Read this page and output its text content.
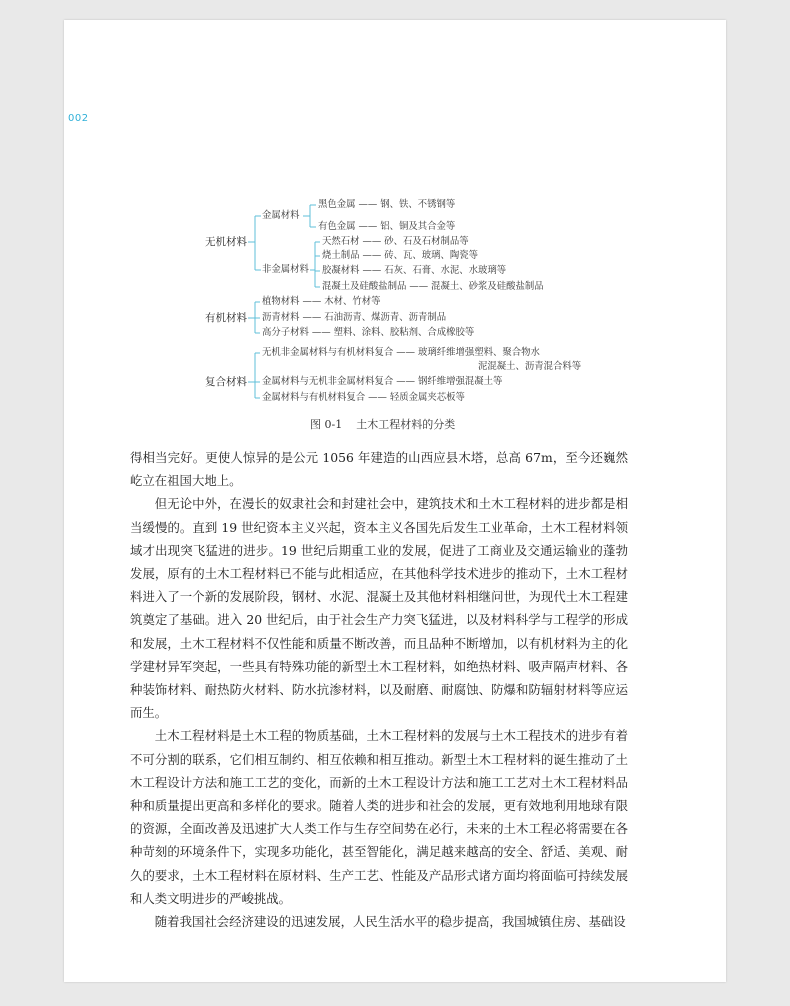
002
无机材料
金属材料
黑色金属 —— 钢、铁、不锈钢等
有色金属 —— 铝、铜及其合金等
非金属材料
天然石材 —— 砂、石及石材制品等
烧土制品 —— 砖、瓦、玻璃、陶瓷等
胶凝材料 —— 石灰、石膏、水泥、水玻璃等
混凝土及硅酸盐制品 —— 混凝土、砂浆及硅酸盐制品
有机材料
植物材料 —— 木材、竹材等
沥青材料 —— 石油沥青、煤沥青、沥青制品
高分子材料 —— 塑料、涂料、胶粘剂、合成橡胶等
复合材料
无机非金属材料与有机材料复合 —— 玻璃纤维增强塑料、聚合物水
泥混凝土、沥青混合料等
金属材料与无机非金属材料复合 —— 钢纤维增强混凝土等
金属材料与有机材料复合 —— 轻质金属夹芯板等
图 0-1 土木工程材料的分类

得相当完好。更使人惊异的是公元 1056 年建造的山西应县木塔，总高 67m，至今还巍然屹立在祖国大地上。

但无论中外，在漫长的奴隶社会和封建社会中，建筑技术和土木工程材料的进步都是相当缓慢的。直到 19 世纪资本主义兴起，资本主义各国先后发生工业革命，土木工程材料领域才出现突飞猛进的进步。19 世纪后期重工业的发展，促进了工商业及交通运输业的蓬勃发展，原有的土木工程材料已不能与此相适应，在其他科学技术进步的推动下，土木工程材料进入了一个新的发展阶段，钢材、水泥、混凝土及其他材料相继问世，为现代土木工程建筑奠定了基础。进入 20 世纪后，由于社会生产力突飞猛进，以及材料科学与工程学的形成和发展，土木工程材料不仅性能和质量不断改善，而且品种不断增加，以有机材料为主的化学建材异军突起，一些具有特殊功能的新型土木工程材料，如绝热材料、吸声隔声材料、各种装饰材料、耐热防火材料、防水抗渗材料，以及耐磨、耐腐蚀、防爆和防辐射材料等应运而生。

土木工程材料是土木工程的物质基础，土木工程材料的发展与土木工程技术的进步有着不可分割的联系，它们相互制约、相互依赖和相互推动。新型土木工程材料的诞生推动了土木工程设计方法和施工工艺的变化，而新的土木工程设计方法和施工工艺对土木工程材料品种和质量提出更高和多样化的要求。随着人类的进步和社会的发展，更有效地利用地球有限的资源，全面改善及迅速扩大人类工作与生存空间势在必行，未来的土木工程必将需要在各种苛刻的环境条件下，实现多功能化，甚至智能化，满足越来越高的安全、舒适、美观、耐久的要求，土木工程材料在原材料、生产工艺、性能及产品形式诸方面均将面临可持续发展和人类文明进步的严峻挑战。

随着我国社会经济建设的迅速发展，人民生活水平的稳步提高，我国城镇住房、基础设
